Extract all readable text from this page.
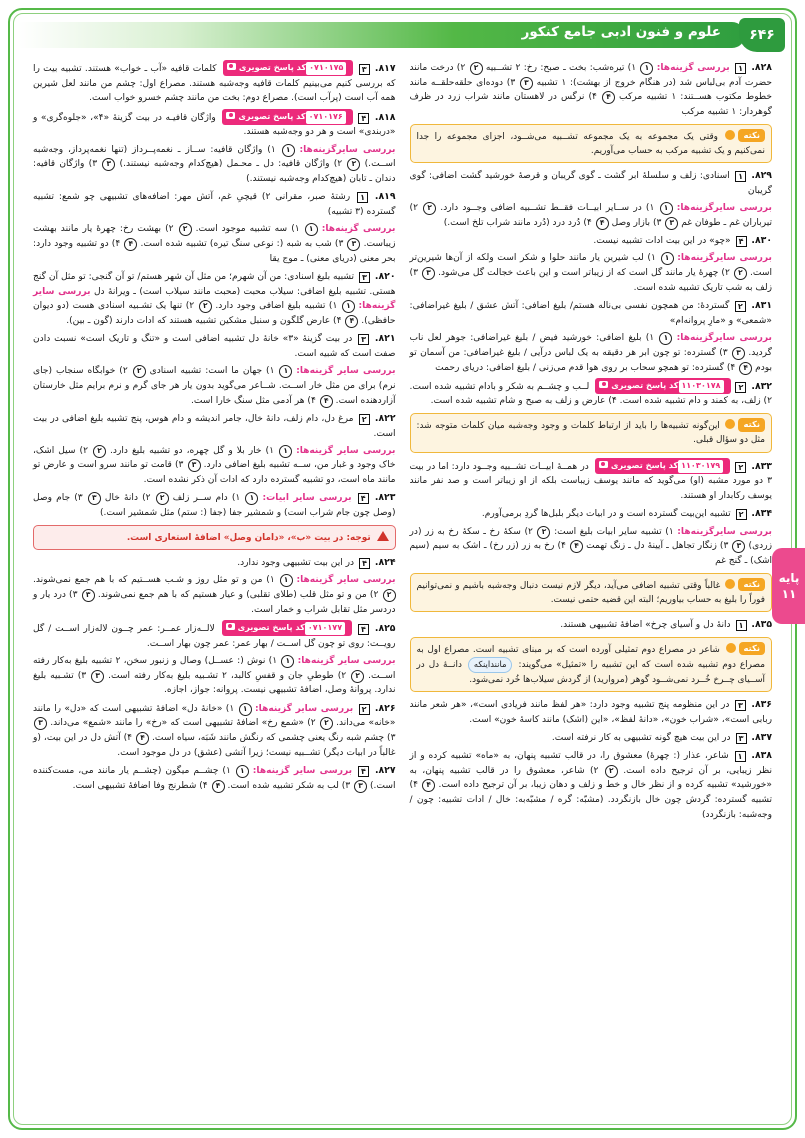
علوم و فنون ادبی جامع کنکور	۶۴۶
پایه
۱۱
۸۱۷. ۳ ۰۷۱۰۱۷۵کد پاسخ تصویری کلمات قافیه «آب ـ خواب» هستند. تشبیه بیت را که بررسی کنیم می‌بینیم کلمات قافیه وجه‌شبه هستند. مصراع اول: چشم من مانند لعل شیرین همه آب است (پرآب است). مصراع دوم: بخت من مانند چشم خسرو خواب است.
۸۱۸. ۴ ۰۷۱۰۱۷۶کد پاسخ تصویری واژگان قافیـه در بیت گزینۀ «۴»، «جلوه‌گری» و «دربندی» است و هر دو وجه‌شبه هستند.
بررسی سایرگزینه‌ها: ۱ ۱) واژگان قافیه: ســاز ـ نغمه‌پــرداز (تنها نغمه‌پرداز، وجه‌شبه اســت.) ۲ ۲) واژگان قافیه: دل ـ محـمل (هیچ‌کدام وجه‌شبه نیستند.) ۳ ۳) واژگان قافیه: دندان ـ تابان (هیچ‌کدام وجه‌شبه نیستند.)
۸۱۹. ۱ رشتۀ صبر، مقرانی ۲) قیچیِ غم، آتش مهر: اضافه‌های تشبیهی چو شمع: تشبیه گسترده (۳ تشبیه)
بررسی گزینه‌ها: ۱ ۱) سه تشبیه موجود است. ۲ ۲) بهشت رخ: چهرۀ یار مانند بهشت زیباست. ۳ ۳) شب به شبه (: نوعی سنگ تیره) تشبیه شده است. ۴ ۴) دو تشبیه وجود دارد: بحر معنی (دریای معنی) ـ موج یقا
۸۲۰. ۳ تشبیه بلیغ اسنادی: من آن شهرم؛ من مثل آن شهر هستم/ تو آن گنجی: تو مثل آن گنج هستی. تشبیه بلیغ اضافی: سیلاب محبت (محبت مانند سیلاب است) ـ ویرانۀ دل بررسی سایر گزینه‌ها: ۱ ۱) تشبیه بلیغ اضافی وجود دارد. ۲ ۲) تنها یک تشـبیه اسنادی هست (دو دیوان حافظی). ۴ ۴) عارض گلگون و سنبل مشکین تشبیه هستند که ادات دارند (گون ـ بین).
۸۲۱. ۳ در بیت گزینۀ «۳» خانۀ دل تشبیه اضافی است و «تنگ و تاریک است» نسبت دادن صفت است که شبیه است.
بررسی سایر گزینه‌ها: ۱ ۱) جهان ما است: تشبیه اسنادی ۲ ۲) خوابگاه سنجاب (جای نرم) برای من مثل خار اســت. شــاعر می‌گوید بدون یار هر جای گرم و نرم برایم مثل خارستان آزاردهنده است. ۴ ۴) هر آدمی مثل سنگ خارا است.
۸۲۲. ۲ مرغ دل، دام زلف، دانۀ خال، جامر اندیشه و دام هوس، پنج تشبیه بلیغ اضافی در بیت است.
بررسی سایر گزینه‌ها: ۱ ۱) خار بلا و گل چهره، دو تشبیه بلیغ دارد. ۲ ۲) سیل اشک، خاک وجود و غبار من، ســه تشبیه بلیغ اضافی دارد. ۳ ۳) قامت تو مانند سرو است و عارض تو مانند ماه است، دو تشبیه گسترده دارد که ادات آن ذکر نشده است.
۸۲۳. ۴ بررسی سایر ابیات: ۱ ۱) دام ســر زلف ۲ ۲) دانۀ خال ۳ ۳) جام وصل (وصل چون جام شراب است) و شمشیر جفا (جفا (: ستم) مثل شمشیر است.)
توجه: در بیت «ب»، «دامان وصل» اضافۀ استعاری است.
۸۲۴. ۴ در این بیت تشبیهی وجود ندارد.
بررسی سایر گزینه‌ها: ۱ ۱) من و تو مثل روز و شـب هســتیم که با هم جمع نمی‌شوند. ۲ ۲) من و تو مثل قلب (طلای تقلبی) و عیار هستیم که با هم جمع نمی‌شوند. ۳ ۳) درد یار و دردسر مثل تقابل شراب و خمار است.
۸۲۵. ۴ ۰۷۱۰۱۷۷کد پاسخ تصویری لالــه‌زار عمــر: عمر چــون لاله‌زار اســت / گل رویــت: روی تو چون گل اســت / بهار عمر: عمر چون بهار اســت.
بررسی سایر گزینه‌ها: ۱ ۱) نوش (: عســل) وصال و زنبور سخن، ۲ تشبیه بلیغ به‌کار رفته اســت. ۲ ۲) طوطیِ جان و قفسِ کالبد، ۲ تشـبیه بلیغ به‌کار رفته است. ۳ ۳) تشـبیه بلیغ ندارد. پروانۀ وصل، اضافۀ تشبیهی نیست. پروانه: جواز، اجازه.
۸۲۶. ۲ بررسی سایر گزینه‌ها: ۱ ۱) «خانۀ دل» اضافۀ تشبیهی است که «دل» را مانند «خانه» می‌داند. ۲ ۲) «شمع رخ» اضافۀ تشبیهی است که «رخ» را مانند «شمع» می‌داند. ۳ ۳) چشم شبه رنگ یعنی چشمی که رنگش مانند شَبَه، سیاه است. ۴ ۴) آتش دل در این بیت، (و غالباً در ابیات دیگر) تشــبیه نیست؛ زیرا آتشی (عشق) در دل موجود است.
۸۲۷. ۴ بررسی سایر گزینه‌ها: ۱ ۱) چشــم میگون (چشــم یار مانند می، مست‌کننده است.) ۳ ۳) لب به شکر تشبیه شده است. ۴ ۴) شطرنج وفا اضافۀ تشبیهی است.
۸۲۸. ۱ بررسی گزینه‌ها: ۱ ۱) تیره‌شب: بخت ـ صبح: رخ: ۲ تشــبیه ۲ ۲) درخت مانند حضرت آدم بی‌لباس شد (در هنگام خروج از بهشت): ۱ تشبیه ۳ ۳) دوده‌ای حلقه‌حلقــه مانند خطوط مکتوب هســتند: ۱ تشبیه مرکب ۴ ۴) نرگس در لاهستان مانند شراب زرد در ظرف گوهردار: ۱ تشبیه مرکب
نکته وقتی یک مجموعه به یک مجموعه تشــبیه می‌شــود، اجزای مجموعه را جدا نمی‌کنیم و یک تشبیه مرکب به حساب می‌آوریم.
۸۲۹. ۱ اسنادی: زلف و سلسلۀ ابر گشت ـ گوی گریبان و قرصۀ خورشید گشت اضافی: گوی گریبان
بررسی سایرگزینه‌ها: ۱ ۱) در ســایر ابیــات فقــط تشــبیه اضافی وجــود دارد. ۲ ۲) تیرباران غم ـ طوفان غم ۳ ۳) بازار وصل ۴ ۴) دُرد درد (دُرد مانند شراب تلخ است.)
۸۳۰. ۴ «چو» در این بیت ادات تشبیه نیست.
بررسی سایرگزینه‌ها: ۱ ۱) لب شیرین یار مانند حلوا و شکر است ولکه از آن‌ها شیرین‌تر است. ۲ ۲) چهرۀ یار مانند گل است که از زیباتر است و این باعث خجالت گل می‌شود. ۳ ۳) زلف به شب تاریک تشبیه شده است.
۸۳۱. ۲ گستردهٔ: من همچون نفسی بی‌ناله هستم/ بلیغ اضافی: آتش عشق / بلیغ غیراضافی: «شمعی» و «مارِ پروانه‌ام»
بررسی سایرگزینه‌ها: ۱ ۱) بلیغ اضافی: خورشید فیض / بلیغ غیراضافی: جوهر لعل ناب گردید. ۳ ۳) گسترده: تو چون ابر هر دقیقه به یک لباس درآیی / بلیغ غیراضافی: من آسمان تو بودم ۴ ۴) گسترده: تو همچو سحاب بر روی هوا قدم می‌زنی / بلیغ اضافی: دریای رحمت
۸۳۲. ۲ ۱۱۰۳۰۱۷۸کد پاسخ تصویری لــب و چشــم به شکر و بادام تشبیه شده است. ۲) زلف، به کمند و دام تشبیه شده است. ۴) عارض و زلف به صبح و شام تشبیه شده است.
نکته این‌گونه تشبیه‌ها را باید از ارتباط کلمات و وجود وجه‌شبه میان کلمات متوجه شد: مثل دو سؤال قبلی.
۸۳۳. ۲ ۱۱۰۳۰۱۷۹کد پاسخ تصویری در همــۀ ابیــات تشــبیه وجــود دارد: اما در بیت ۳ دو مورد مشبه (او) می‌گوید که مانند یوسف زیباست بلکه از او زیباتر است و صد نفر مانند یوسف رکابدار او هستند.
۸۳۴. ۲ تشبیه این‌بیت گسترده است و در ابیات دیگر بلبل‌ها گردِ برمی‌آورم.
بررسی سایرگزینه‌ها: ۱) تشبیه سایر ابیات بلیغ است: ۲ ۲) سکۀ رخ ـ سکۀ رخ به زر (در زردی) ۳ ۳) زنگار تجاهل ـ آیینۀ دل ـ زنگ تهمت ۴ ۴) رخ به زر (زر رخ) ـ اشک به سیم (سیم اشک) ـ گنج غم
نکته غالباً وقتی تشبیه اضافی می‌آید، دیگر لازم نیست دنبال وجه‌شبه باشیم و نمی‌توانیم فوراً را بلیغ به حساب بیاوریم؛ البته این قضیه حتمی نیست.
۸۳۵. ۱ دانۀ دل و آسیای چرخ» اضافۀ تشبیهی هستند.
نکته شاعر در مصراع دوم تمثیلی آورده است که بر مبنای تشبیه است. مصراع اول به مصراع دوم تشبیه شده است که این تشبیه را «تمثیل» می‌گویند: مانند‌اینکه دانــۀ دل در آســیای چــرخ خُــرد نمی‌شــود گوهر (مروارید) از گردش سیلاب‌ها خُرد نمی‌شود.
۸۳۶. ۳ در این منظومه پنج تشبیه وجود دارد: «هر لفظ مانند فریادی است»، «هر شعر مانند ربابی است»، «شراب خون»، «دانۀ لفظ»، «این (اشک) مانند کاسۀ خون» است.
۸۳۷. ۳ در این بیت هیچ گونه تشبیهی به کار نرفته است.
۸۳۸. ۱ شاعر، عذار (: چهرهٔ) معشوق را، در قالب تشبیه پنهان، به «ماه» تشبیه کرده و از نظر زیبایی، بر آن ترجیح داده است. ۲ ۲) شاعر، معشوق را در قالب تشبیه پنهان، به «خورشید» تشبیه کرده و از نظر خال و خط و زلف و دهان زیبا، بر آن ترجیح داده است. ۴ ۴) تشبیه گسترده: گردش چون خال بازنگردد. (مشبّه: گره / مشبّه‌به: خال / ادات تشبیه: چون / وجه‌شبه: بازنگردد)
